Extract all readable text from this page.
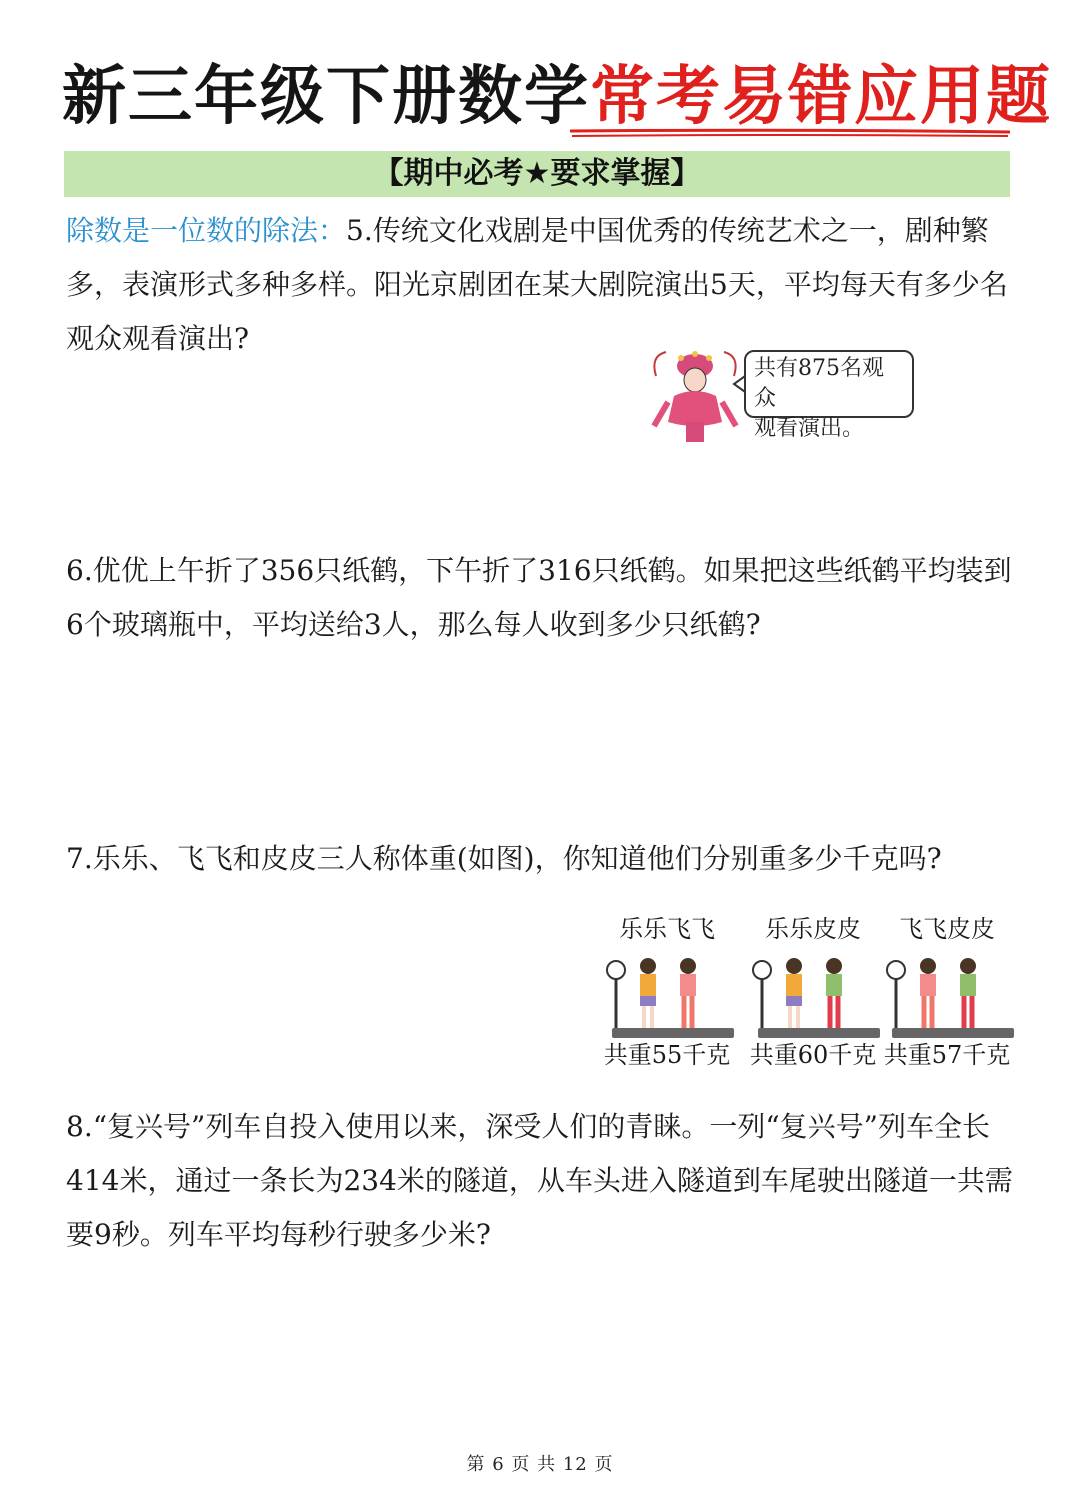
新三年级下册数学常考易错应用题
【期中必考★要求掌握】
除数是一位数的除法：5.传统文化戏剧是中国优秀的传统艺术之一，剧种繁多，表演形式多种多样。阳光京剧团在某大剧院演出5天，平均每天有多少名观众观看演出?
共有875名观众
观看演出。
6.优优上午折了356只纸鹤，下午折了316只纸鹤。如果把这些纸鹤平均装到6个玻璃瓶中，平均送给3人，那么每人收到多少只纸鹤?
7.乐乐、飞飞和皮皮三人称体重(如图)，你知道他们分别重多少千克吗?
乐乐飞飞
共重55千克
乐乐皮皮
共重60千克
飞飞皮皮
共重57千克
8.“复兴号”列车自投入使用以来，深受人们的青睐。一列“复兴号”列车全长414米，通过一条长为234米的隧道，从车头进入隧道到车尾驶出隧道一共需要9秒。列车平均每秒行驶多少米?
第 6 页 共 12 页
